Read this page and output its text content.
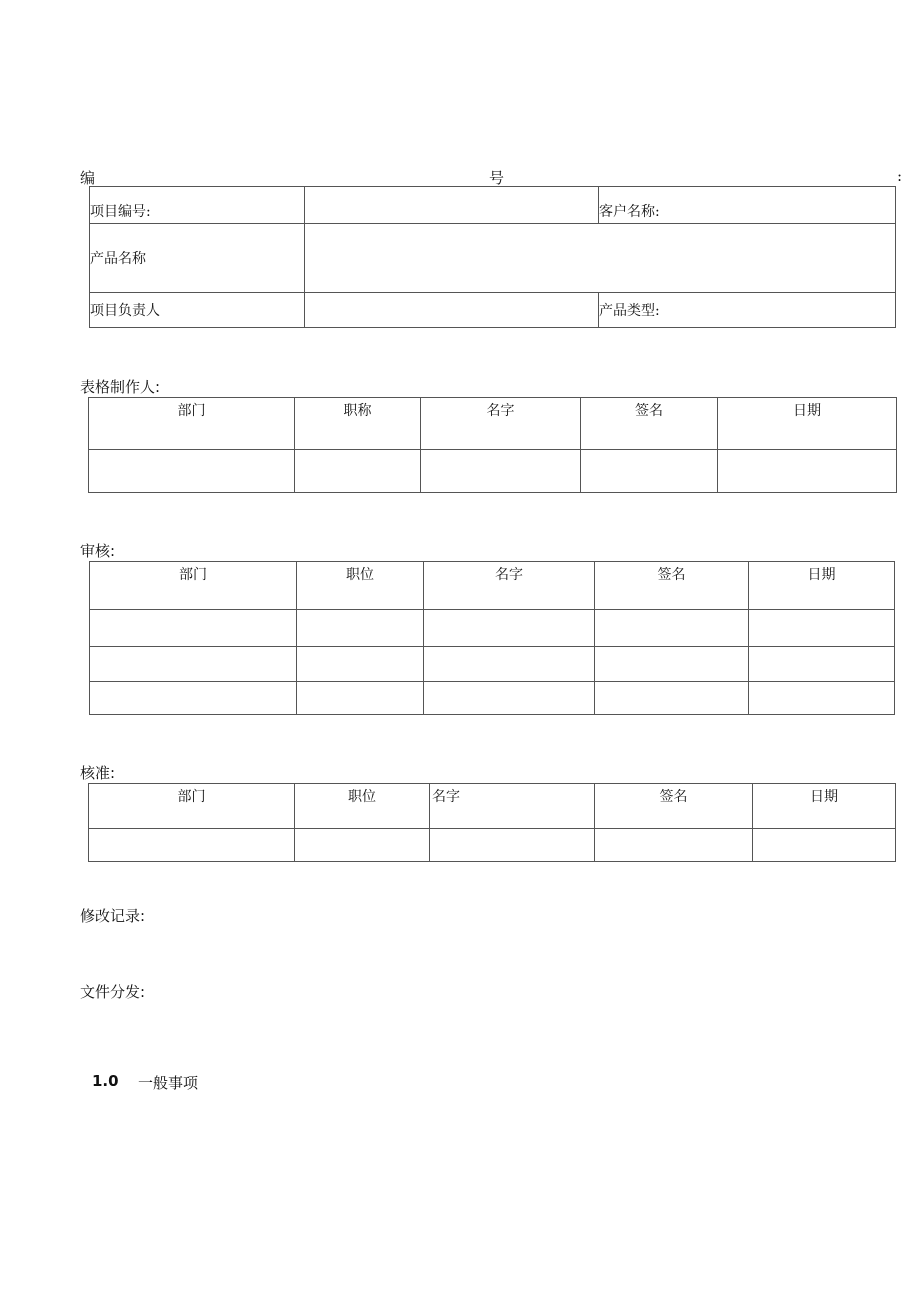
编	号	:
项目编号:		客户名称:
产品名称		
项目负责人		产品类型:
表格制作人:
部门	职称	名字	签名	日期

审核:
部门	职位	名字	签名	日期

核准:
部门	职位	名字	签名	日期

修改记录:
文件分发:
1.0 一般事项
